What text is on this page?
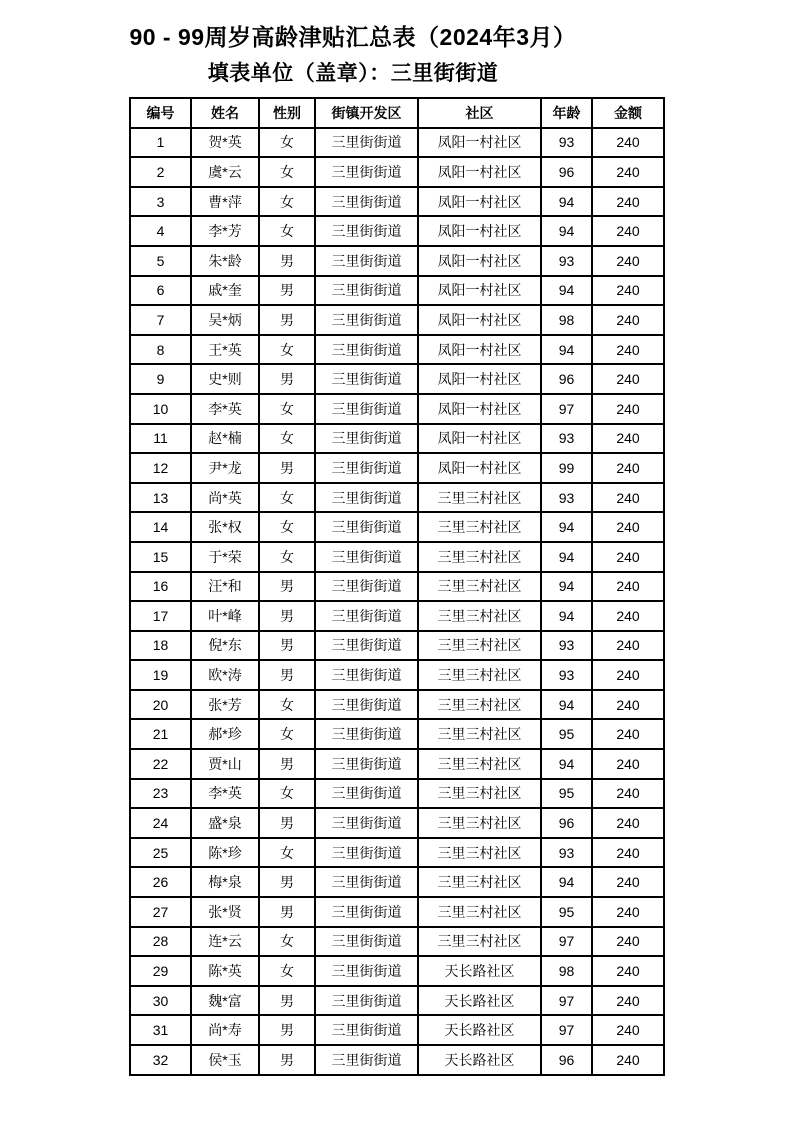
90 - 99周岁高龄津贴汇总表（2024年3月）
填表单位（盖章）：三里街街道
编号	姓名	性别	街镇开发区	社区	年龄	金额
1	贺*英	女	三里街街道	凤阳一村社区	93	240
2	虞*云	女	三里街街道	凤阳一村社区	96	240
3	曹*萍	女	三里街街道	凤阳一村社区	94	240
4	李*芳	女	三里街街道	凤阳一村社区	94	240
5	朱*龄	男	三里街街道	凤阳一村社区	93	240
6	戚*奎	男	三里街街道	凤阳一村社区	94	240
7	吴*炳	男	三里街街道	凤阳一村社区	98	240
8	王*英	女	三里街街道	凤阳一村社区	94	240
9	史*则	男	三里街街道	凤阳一村社区	96	240
10	李*英	女	三里街街道	凤阳一村社区	97	240
11	赵*楠	女	三里街街道	凤阳一村社区	93	240
12	尹*龙	男	三里街街道	凤阳一村社区	99	240
13	尚*英	女	三里街街道	三里三村社区	93	240
14	张*权	女	三里街街道	三里三村社区	94	240
15	于*荣	女	三里街街道	三里三村社区	94	240
16	汪*和	男	三里街街道	三里三村社区	94	240
17	叶*峰	男	三里街街道	三里三村社区	94	240
18	倪*东	男	三里街街道	三里三村社区	93	240
19	欧*涛	男	三里街街道	三里三村社区	93	240
20	张*芳	女	三里街街道	三里三村社区	94	240
21	郝*珍	女	三里街街道	三里三村社区	95	240
22	贾*山	男	三里街街道	三里三村社区	94	240
23	李*英	女	三里街街道	三里三村社区	95	240
24	盛*泉	男	三里街街道	三里三村社区	96	240
25	陈*珍	女	三里街街道	三里三村社区	93	240
26	梅*泉	男	三里街街道	三里三村社区	94	240
27	张*贤	男	三里街街道	三里三村社区	95	240
28	连*云	女	三里街街道	三里三村社区	97	240
29	陈*英	女	三里街街道	天长路社区	98	240
30	魏*富	男	三里街街道	天长路社区	97	240
31	尚*寿	男	三里街街道	天长路社区	97	240
32	侯*玉	男	三里街街道	天长路社区	96	240
